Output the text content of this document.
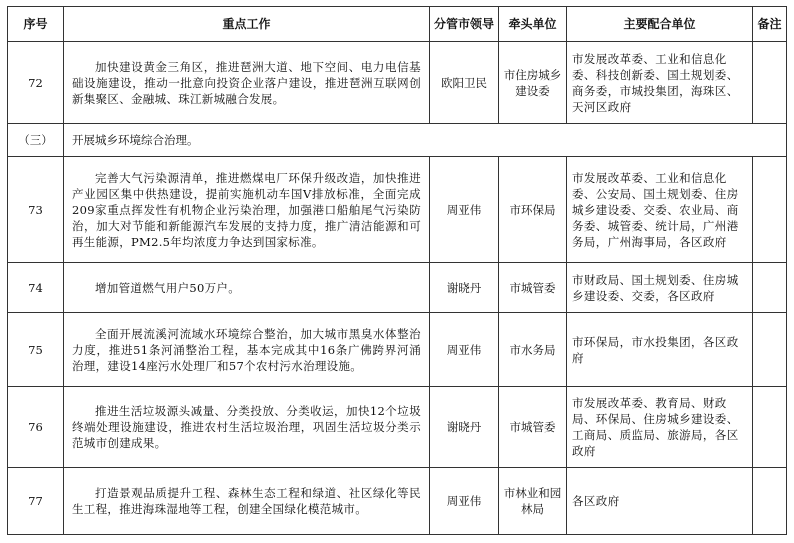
序号	重点工作	分管市领导	牵头单位	主要配合单位	备注
72	加快建设黄金三角区，推进琶洲大道、地下空间、电力电信基础设施建设，推动一批意向投资企业落户建设，推进琶洲互联网创新集聚区、金融城、珠江新城融合发展。	欧阳卫民	市住房城乡建设委	市发展改革委、工业和信息化委、科技创新委、国土规划委、商务委，市城投集团，海珠区、天河区政府	
（三）	开展城乡环境综合治理。				
73	完善大气污染源清单，推进燃煤电厂环保升级改造，加快推进产业园区集中供热建设，提前实施机动车国Ⅴ排放标准，全面完成209家重点挥发性有机物企业污染治理，加强港口船舶尾气污染防治，加大对节能和新能源汽车发展的支持力度，推广清洁能源和可再生能源，PM2.5年均浓度力争达到国家标准。	周亚伟	市环保局	市发展改革委、工业和信息化委、公安局、国土规划委、住房城乡建设委、交委、农业局、商务委、城管委、统计局，广州港务局，广州海事局，各区政府	
74	增加管道燃气用户50万户。	谢晓丹	市城管委	市财政局、国土规划委、住房城乡建设委、交委，各区政府	
75	全面开展流溪河流域水环境综合整治，加大城市黑臭水体整治力度，推进51条河涌整治工程，基本完成其中16条广佛跨界河涌治理，建设14座污水处理厂和57个农村污水治理设施。	周亚伟	市水务局	市环保局，市水投集团，各区政府	
76	推进生活垃圾源头减量、分类投放、分类收运，加快12个垃圾终端处理设施建设，推进农村生活垃圾治理，巩固生活垃圾分类示范城市创建成果。	谢晓丹	市城管委	市发展改革委、教育局、财政局、环保局、住房城乡建设委、工商局、质监局、旅游局，各区政府	
77	打造景观品质提升工程、森林生态工程和绿道、社区绿化等民生工程，推进海珠湿地等工程，创建全国绿化模范城市。	周亚伟	市林业和园林局	各区政府	
